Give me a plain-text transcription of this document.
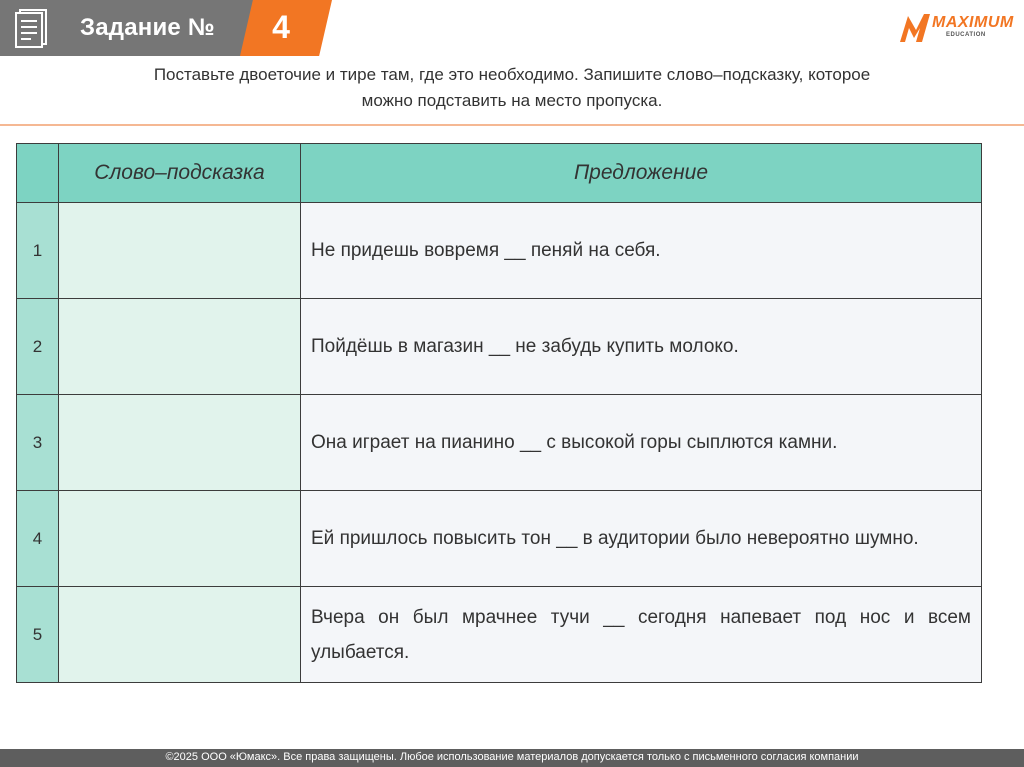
Задание №	4	MAXIMUM
EDUCATION
Поставьте двоеточие и тире там, где это необходимо. Запишите слово–подсказку, которое
можно подставить на место пропуска.
	Слово–подсказка	Предложение
1		Не придешь вовремя __ пеняй на себя.
2		Пойдёшь в магазин __ не забудь купить молоко.
3		Она играет на пианино __ с высокой горы сыплются камни.
4		Ей пришлось повысить тон __ в аудитории было невероятно шумно.
5		Вчера он был мрачнее тучи __ сегодня напевает под нос и всем улыбается.
©2025 ООО «Юмакс». Все права защищены. Любое использование материалов допускается только с письменного согласия компании
